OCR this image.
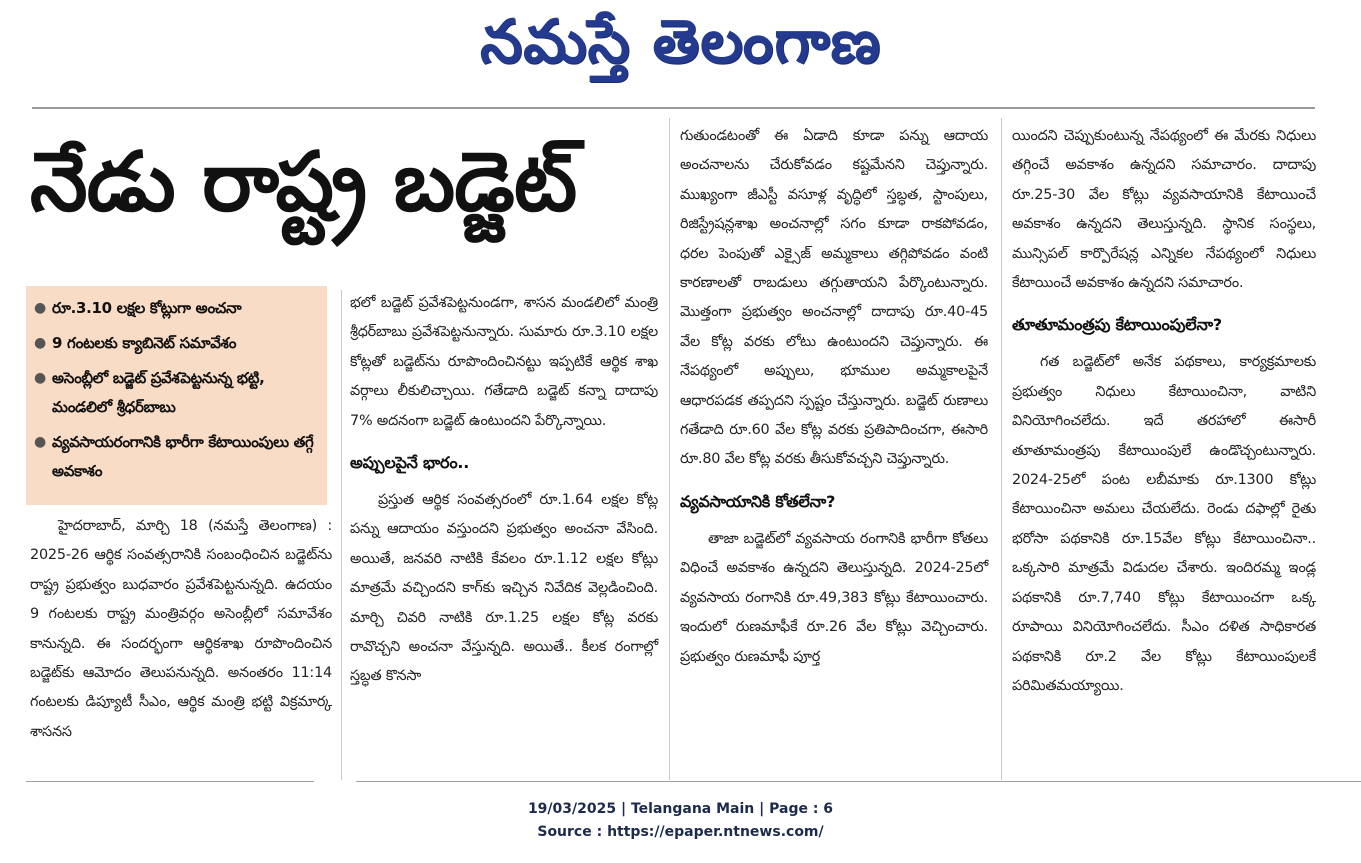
నమస్తే తెలంగాణ
నేడు రాష్ట్ర బడ్జెట్
● రూ.3.10 లక్షల కోట్లుగా అంచనా
● 9 గంటలకు క్యాబినెట్ సమావేశం
● అసెంబ్లీలో బడ్జెట్ ప్రవేశపెట్టనున్న భట్టి, మండలిలో శ్రీధర్‌బాబు
● వ్యవసాయరంగానికి భారీగా కేటాయింపులు తగ్గే అవకాశం

హైదరాబాద్, మార్చి 18 (నమస్తే తెలంగాణ) : 2025-26 ఆర్థిక సంవత్సరానికి సంబంధించిన బడ్జెట్‌ను రాష్ట్ర ప్రభుత్వం బుధవారం ప్రవేశపెట్టనున్నది. ఉదయం 9 గంటలకు రాష్ట్ర మంత్రివర్గం అసెంబ్లీలో సమావేశం కానున్నది. ఈ సందర్భంగా ఆర్థికశాఖ రూపొందించిన బడ్జెట్‌కు ఆమోదం తెలుపనున్నది. అనంతరం 11:14 గంటలకు డిప్యూటీ సీఎం, ఆర్థిక మంత్రి భట్టి విక్రమార్క శాసనస

భలో బడ్జెట్ ప్రవేశపెట్టనుండగా, శాసన మండలిలో మంత్రి శ్రీధర్‌బాబు ప్రవేశపెట్టనున్నారు. సుమారు రూ.3.10 లక్షల కోట్లతో బడ్జెట్‌ను రూపొందించినట్టు ఇప్పటికే ఆర్థిక శాఖ వర్గాలు లీకులిచ్చాయి. గతేడాది బడ్జెట్ కన్నా దాదాపు 7% అదనంగా బడ్జెట్ ఉంటుందని పేర్కొన్నాయి.

అప్పులపైనే భారం..

ప్రస్తుత ఆర్థిక సంవత్సరంలో రూ.1.64 లక్షల కోట్ల పన్ను ఆదాయం వస్తుందని ప్రభుత్వం అంచనా వేసింది. అయితే, జనవరి నాటికి కేవలం రూ.1.12 లక్షల కోట్లు మాత్రమే వచ్చిందని కాగ్‌కు ఇచ్చిన నివేదిక వెల్లడించింది. మార్చి చివరి నాటికి రూ.1.25 లక్షల కోట్ల వరకు రావొచ్చని అంచనా వేస్తున్నది. అయితే.. కీలక రంగాల్లో స్తబ్ధత కొనసా

గుతుండటంతో ఈ ఏడాది కూడా పన్ను ఆదాయ అంచనాలను చేరుకోవడం కష్టమేనని చెప్తున్నారు. ముఖ్యంగా జీఎస్టీ వసూళ్ల వృద్ధిలో స్తబ్ధత, స్టాంపులు, రిజిస్ట్రేషన్లశాఖ అంచనాల్లో సగం కూడా రాకపోవడం, ధరల పెంపుతో ఎక్సైజ్ అమ్మకాలు తగ్గిపోవడం వంటి కారణాలతో రాబడులు తగ్గుతాయని పేర్కొంటున్నారు. మొత్తంగా ప్రభుత్వం అంచనాల్లో దాదాపు రూ.40-45 వేల కోట్ల వరకు లోటు ఉంటుందని చెప్తున్నారు. ఈ నేపథ్యంలో అప్పులు, భూముల అమ్మకాలపైనే ఆధారపడక తప్పదని స్పష్టం చేస్తున్నారు. బడ్జెట్ రుణాలు గతేడాది రూ.60 వేల కోట్ల వరకు ప్రతిపాదించగా, ఈసారి రూ.80 వేల కోట్ల వరకు తీసుకోవచ్చని చెప్తున్నారు.

వ్యవసాయానికి కోతలేనా?

తాజా బడ్జెట్‌లో వ్యవసాయ రంగానికి భారీగా కోతలు విధించే అవకాశం ఉన్నదని తెలుస్తున్నది. 2024-25లో వ్యవసాయ రంగానికి రూ.49,383 కోట్లు కేటాయించారు. ఇందులో రుణమాఫీకే రూ.26 వేల కోట్లు వెచ్చించారు. ప్రభుత్వం రుణమాఫీ పూర్త

యిందని చెప్పుకుంటున్న నేపథ్యంలో ఈ మేరకు నిధులు తగ్గించే అవకాశం ఉన్నదని సమాచారం. దాదాపు రూ.25-30 వేల కోట్లు వ్యవసాయానికి కేటాయించే అవకాశం ఉన్నదని తెలుస్తున్నది. స్థానిక సంస్థలు, మున్సిపల్ కార్పొరేషన్ల ఎన్నికల నేపథ్యంలో నిధులు కేటాయించే అవకాశం ఉన్నదని సమాచారం.

తూతూమంత్రపు కేటాయింపులేనా?

గత బడ్జెట్‌లో అనేక పథకాలు, కార్యక్రమాలకు ప్రభుత్వం నిధులు కేటాయించినా, వాటిని వినియోగించలేదు. ఇదే తరహాలో ఈసారీ తూతూమంత్రపు కేటాయింపులే ఉండొచ్చంటున్నారు. 2024-25లో పంట లబీమాకు రూ.1300 కోట్లు కేటాయించినా అమలు చేయలేదు. రెండు దఫాల్లో రైతు భరోసా పథకానికి రూ.15వేల కోట్లు కేటాయించినా.. ఒక్కసారి మాత్రమే విడుదల చేశారు. ఇందిరమ్మ ఇండ్ల పథకానికి రూ.7,740 కోట్లు కేటాయించగా ఒక్క రూపాయి వినియోగించలేదు. సీఎం దళిత సాధికారత పథకానికి రూ.2 వేల కోట్లు కేటాయింపులకే పరిమితమయ్యాయి.

19/03/2025 | Telangana Main | Page : 6
Source : https://epaper.ntnews.com/
